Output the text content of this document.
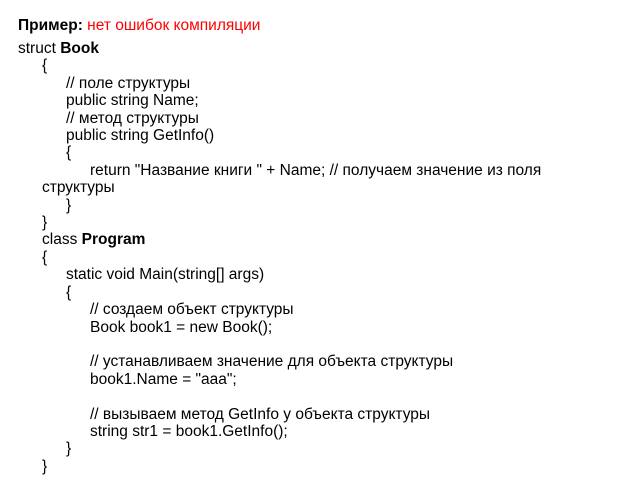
Пример: нет ошибок компиляции
struct Book
{
// поле структуры
public string Name;
// метод структуры
public string GetInfo()
{
return "Название книги " + Name; // получаем значение из поля
структуры
}
}
class Program
{
static void Main(string[] args)
{
// создаем объект структуры
Book book1 = new Book();
// устанавливаем значение для объекта структуры
book1.Name = "aaa";
// вызываем метод GetInfo у объекта структуры
string str1 = book1.GetInfo();
}
}
